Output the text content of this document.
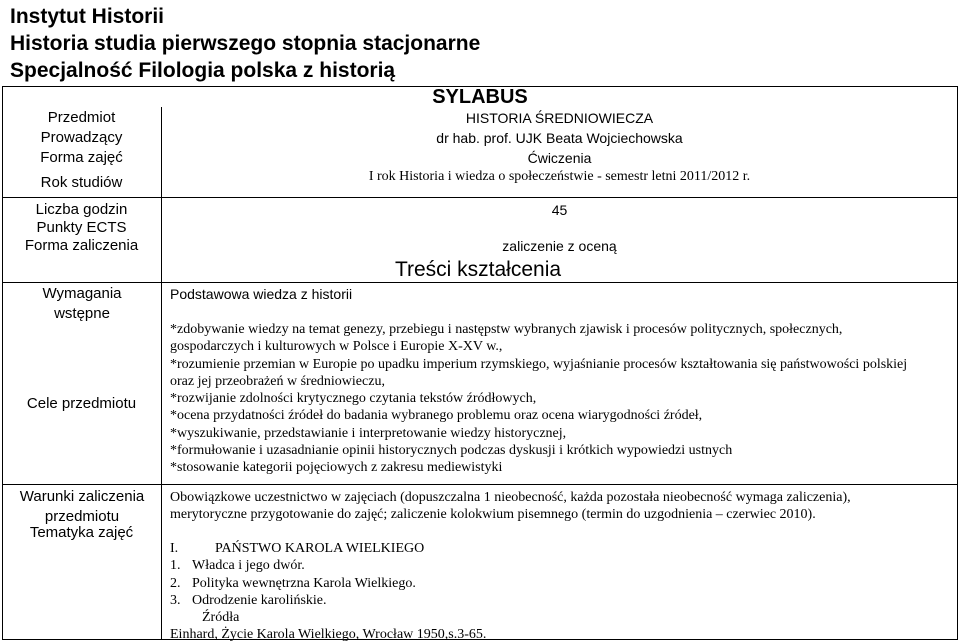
Instytut Historii
Historia studia pierwszego stopnia stacjonarne
Specjalność Filologia polska z historią
SYLABUS
Przedmiot
Prowadzący
Forma zajęć
Rok studiów
Liczba godzin
Punkty ECTS
Forma zaliczenia
Wymagania wstępne
Cele przedmiotu
Warunki zaliczenia przedmiotu
Tematyka zajęć
HISTORIA ŚREDNIOWIECZA
dr hab. prof. UJK Beata Wojciechowska
Ćwiczenia
I rok Historia i wiedza o społeczeństwie - semestr letni 2011/2012 r.
45
zaliczenie z oceną
Treści kształcenia
Podstawowa wiedza z historii
*zdobywanie wiedzy na temat genezy, przebiegu i następstw wybranych zjawisk i procesów politycznych, społecznych,
gospodarczych i kulturowych w Polsce i Europie X-XV w.,
*rozumienie przemian w Europie po upadku imperium rzymskiego, wyjaśnianie procesów kształtowania się państwowości polskiej
oraz jej przeobrażeń w średniowieczu,
*rozwijanie zdolności krytycznego czytania tekstów źródłowych,
*ocena przydatności źródeł do badania wybranego problemu oraz ocena wiarygodności źródeł,
*wyszukiwanie, przedstawianie i interpretowanie wiedzy historycznej,
*formułowanie i uzasadnianie opinii historycznych podczas dyskusji i krótkich wypowiedzi ustnych
*stosowanie kategorii pojęciowych z zakresu mediewistyki
Obowiązkowe uczestnictwo w zajęciach (dopuszczalna 1 nieobecność, każda pozostała nieobecność wymaga zaliczenia),
merytoryczne przygotowanie do zajęć; zaliczenie kolokwium pisemnego (termin do uzgodnienia – czerwiec 2010).
I.	PAŃSTWO KAROLA WIELKIEGO
1. Władca i jego dwór.
2. Polityka wewnętrzna Karola Wielkiego.
3. Odrodzenie karolińskie.
Źródła
Einhard, Życie Karola Wielkiego, Wrocław 1950,s.3-65.
